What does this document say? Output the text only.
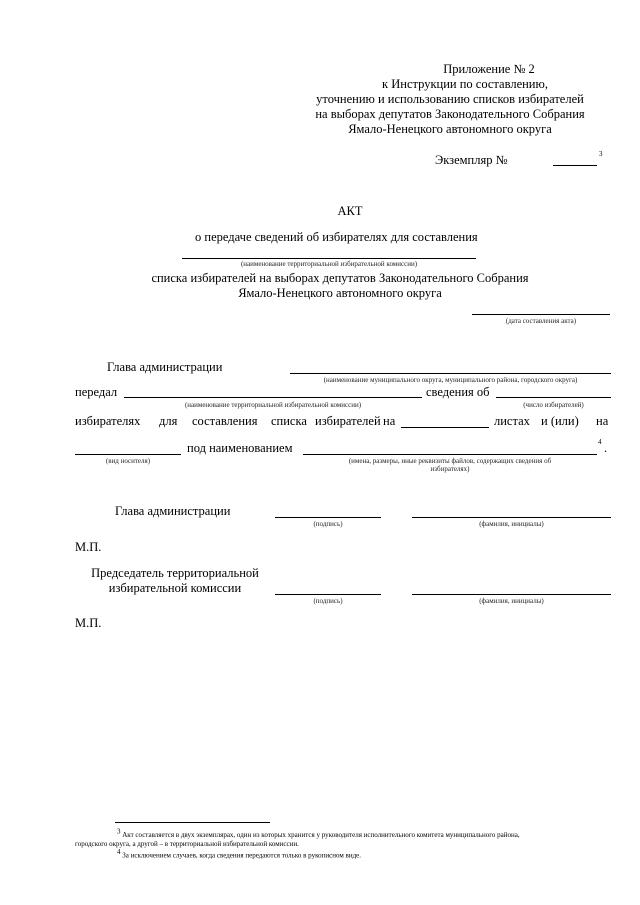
Приложение № 2
к Инструкции по составлению,
уточнению и использованию списков избирателей
на выборах депутатов Законодательного Собрания
Ямало-Ненецкого автономного округа
Экземпляр №	3
АКТ
о передаче сведений об избирателях для составления
(наименование территориальной избирательной комиссии)
списка избирателей на выборах депутатов Законодательного Собрания
Ямало-Ненецкого автономного округа
(дата составления акта)
Глава администрации
(наименование муниципального округа, муниципального района, городского округа)
передал	сведения об
(наименование территориальной избирательной комиссии)	(число избирателей)
избирателях для составления списка избирателей на	листах и (или) на
(вид носителя)
под наименованием	4 .
(имена, размеры, иные реквизиты файлов, содержащих сведения об
избирателях)
Глава администрации
(подпись)	(фамилия, инициалы)
М.П.
Председатель территориальной
избирательной комиссии
(подпись)	(фамилия, инициалы)
М.П.
$^3$ Акт составляется в двух экземплярах, один из которых хранится у руководителя исполнительного комитета муниципального района,
городского округа, а другой – в территориальной избирательной комиссии.
$^4$ За исключением случаев, когда сведения передаются только в рукописном виде.
